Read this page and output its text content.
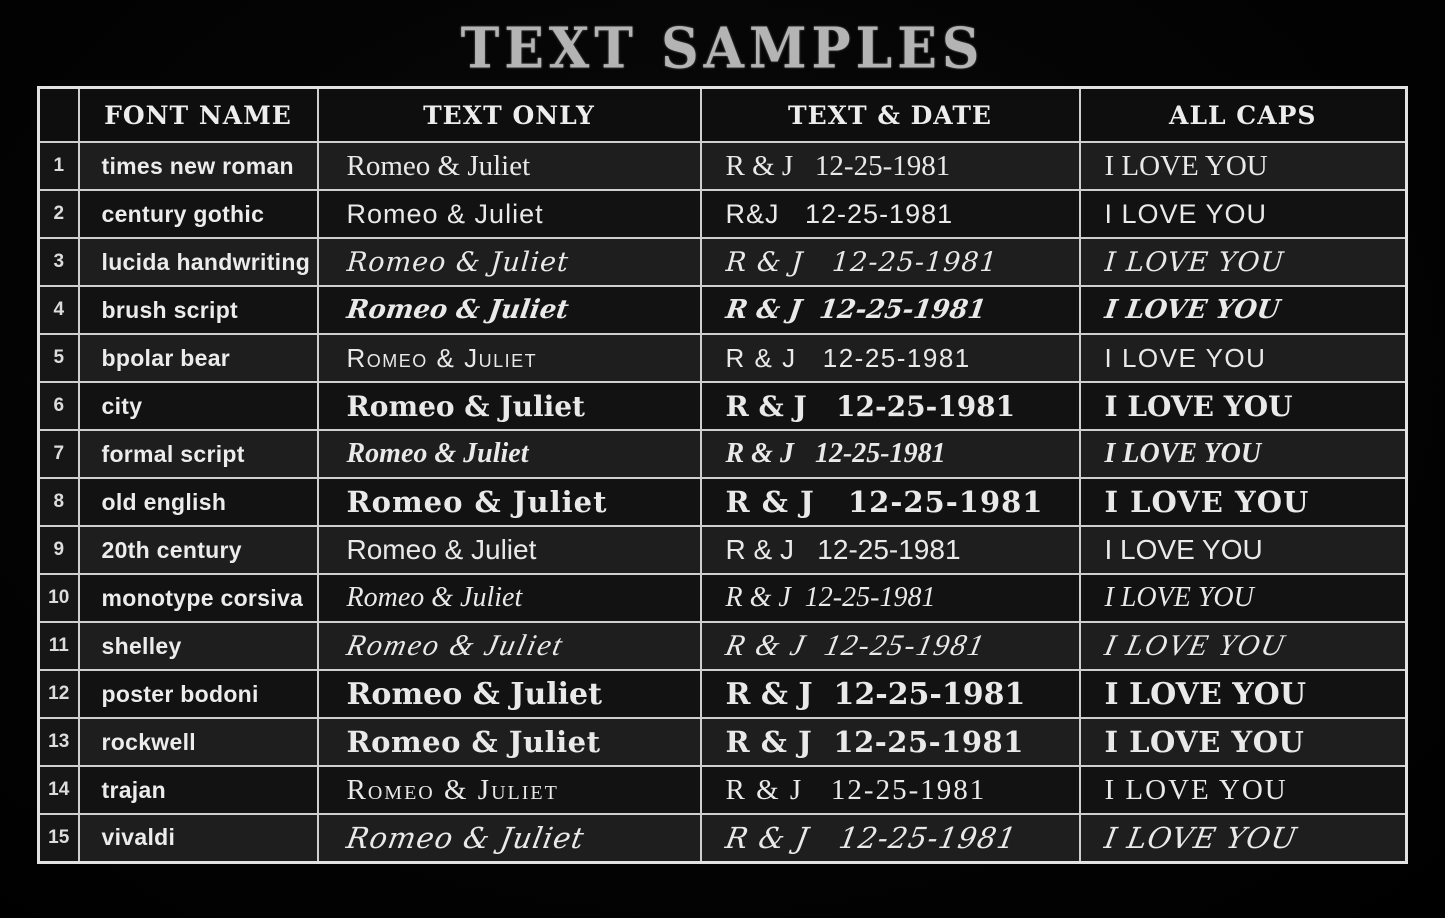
TEXT SAMPLES
	FONT NAME	TEXT ONLY	TEXT & DATE	ALL CAPS
1	times new roman	Romeo & Juliet	R & J   12-25-1981	I LOVE YOU
2	century gothic	Romeo & Juliet	R&J   12-25-1981	I LOVE YOU
3	lucida handwriting	Romeo & Juliet	R & J   12-25-1981	I LOVE YOU
4	brush script	Romeo & Juliet	R & J  12-25-1981	I LOVE YOU
5	bpolar bear	Romeo & Juliet	R & J   12-25-1981	I LOVE YOU
6	city	Romeo & Juliet	R & J   12-25-1981	I LOVE YOU
7	formal script	Romeo & Juliet	R & J   12-25-1981	I LOVE YOU
8	old english	Romeo & Juliet	R & J   12-25-1981	I LOVE YOU
9	20th century	Romeo & Juliet	R & J   12-25-1981	I LOVE YOU
10	monotype corsiva	Romeo & Juliet	R & J  12-25-1981	I LOVE YOU
11	shelley	Romeo & Juliet	R & J  12-25-1981	I LOVE YOU
12	poster bodoni	Romeo & Juliet	R & J  12-25-1981	I LOVE YOU
13	rockwell	Romeo & Juliet	R & J  12-25-1981	I LOVE YOU
14	trajan	Romeo & Juliet	R & J   12-25-1981	I LOVE YOU
15	vivaldi	Romeo & Juliet	R & J   12-25-1981	I LOVE YOU
